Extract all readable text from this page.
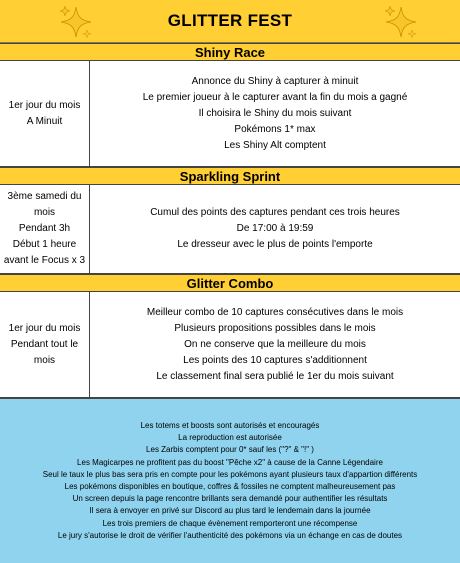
GLITTER FEST
Shiny Race
1er jour du mois
A Minuit
Annonce du Shiny à capturer à minuit
Le premier joueur à le capturer avant la fin du mois a gagné
Il choisira le Shiny du mois suivant
Pokémons 1* max
Les Shiny Alt comptent
Sparkling Sprint
3ème samedi du
mois
Pendant 3h
Début 1 heure
avant le Focus x 3
Cumul des points des captures pendant ces trois heures
De 17:00 à 19:59
Le dresseur avec le plus de points l'emporte
Glitter Combo
1er jour du mois
Pendant tout le
mois
Meilleur combo de 10 captures consécutives dans le mois
Plusieurs propositions possibles dans le mois
On ne conserve que la meilleure du mois
Les points des 10 captures s'additionnent
Le classement final sera publié le 1er du mois suivant
Les totems et boosts sont autorisés et encouragés
La reproduction est autorisée
Les Zarbis comptent pour 0* sauf les ("?" & "!" )
Les Magicarpes ne profitent pas du boost "Pêche x2" à cause de la Canne Légendaire
Seul le taux le plus bas sera pris en compte pour les pokémons ayant plusieurs taux d'appartion différents
Les pokémons disponibles en boutique, coffres & fossiles ne comptent malheureusement pas
Un screen depuis la page rencontre brillants sera demandé pour authentifier les résultats
Il sera à envoyer en privé sur Discord au plus tard le lendemain dans la journée
Les trois premiers de chaque évènement remporteront une récompense
Le jury s'autorise le droit de vérifier l'authenticité des pokémons via un échange en cas de doutes
